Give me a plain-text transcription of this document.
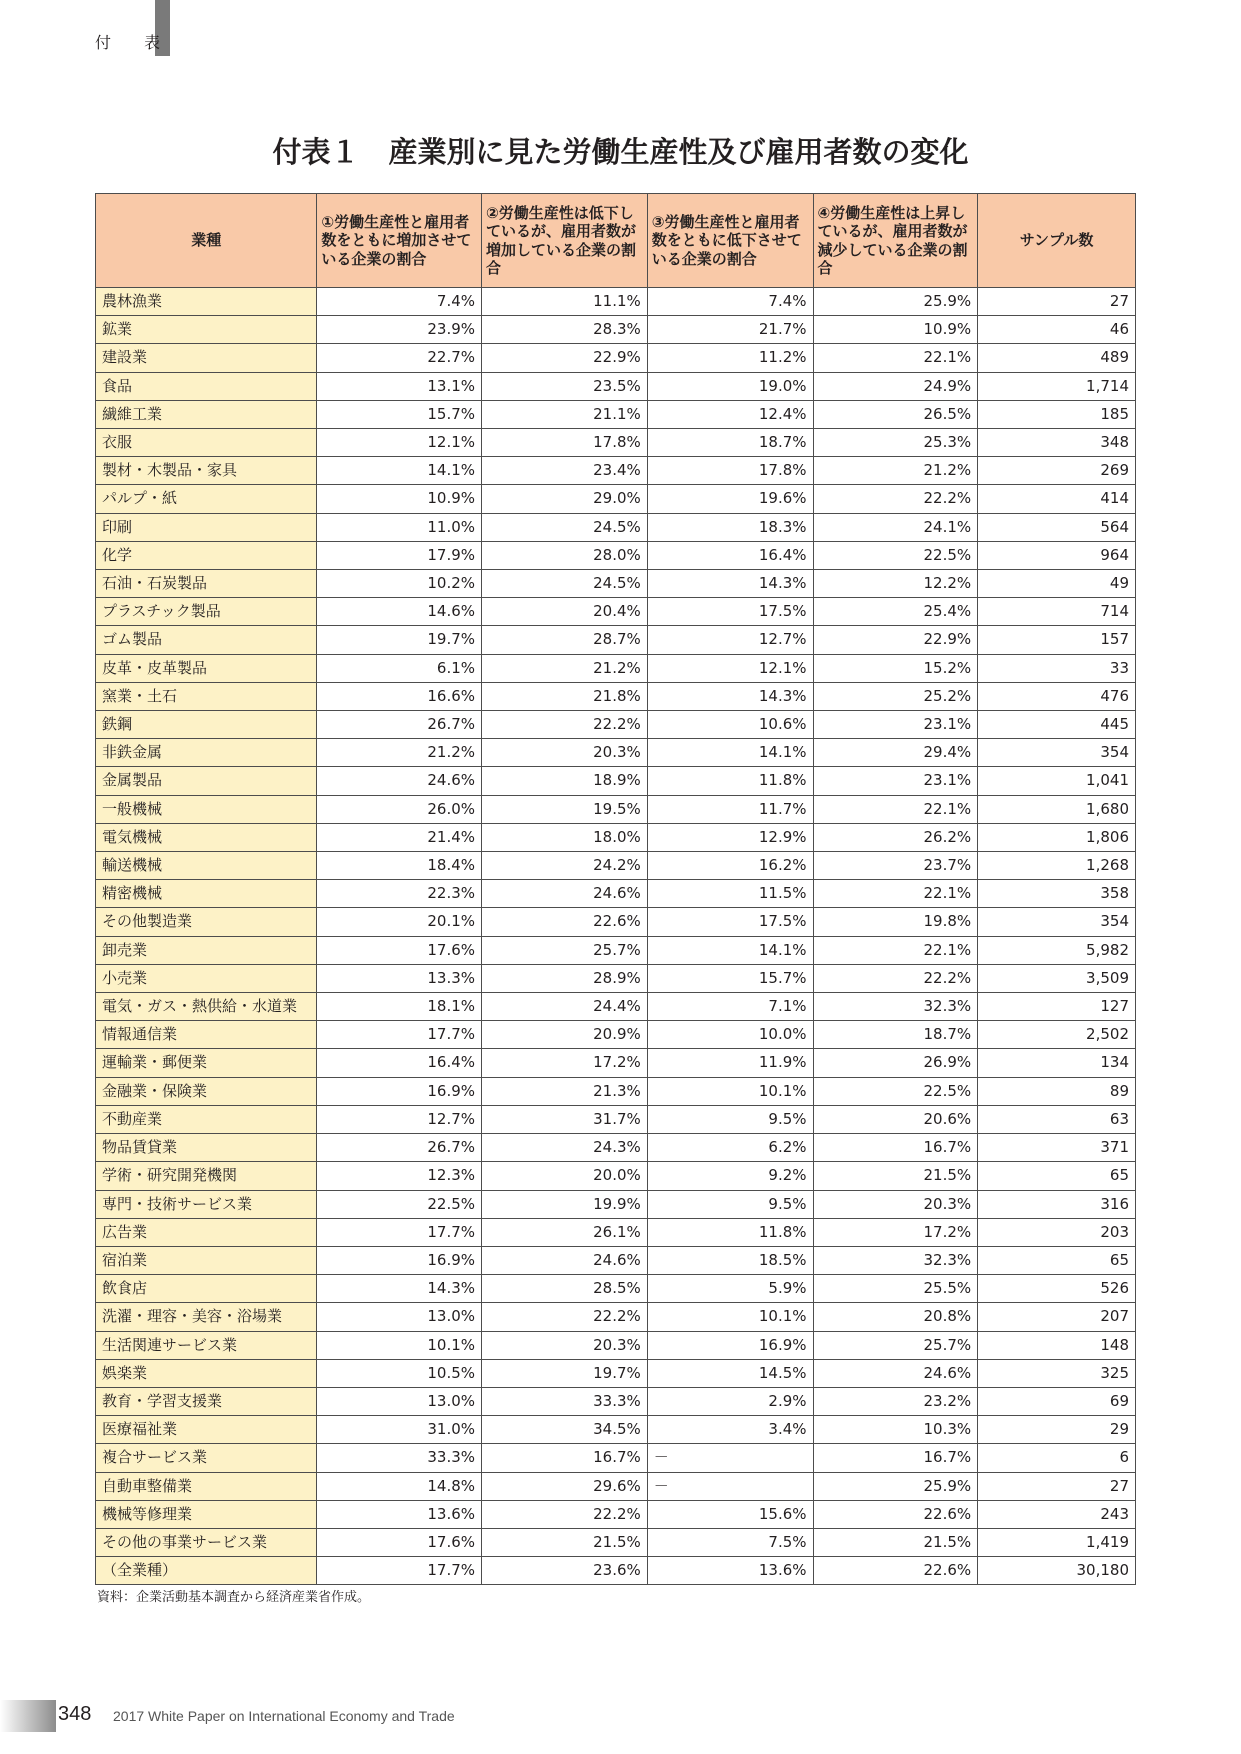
付 表
付表１　産業別に見た労働生産性及び雇用者数の変化
業種	①労働生産性と雇用者数をともに増加させている企業の割合	②労働生産性は低下しているが、雇用者数が増加している企業の割合	③労働生産性と雇用者数をともに低下させている企業の割合	④労働生産性は上昇しているが、雇用者数が減少している企業の割合	サンプル数
農林漁業	7.4%	11.1%	7.4%	25.9%	27
鉱業	23.9%	28.3%	21.7%	10.9%	46
建設業	22.7%	22.9%	11.2%	22.1%	489
食品	13.1%	23.5%	19.0%	24.9%	1,714
繊維工業	15.7%	21.1%	12.4%	26.5%	185
衣服	12.1%	17.8%	18.7%	25.3%	348
製材・木製品・家具	14.1%	23.4%	17.8%	21.2%	269
パルプ・紙	10.9%	29.0%	19.6%	22.2%	414
印刷	11.0%	24.5%	18.3%	24.1%	564
化学	17.9%	28.0%	16.4%	22.5%	964
石油・石炭製品	10.2%	24.5%	14.3%	12.2%	49
プラスチック製品	14.6%	20.4%	17.5%	25.4%	714
ゴム製品	19.7%	28.7%	12.7%	22.9%	157
皮革・皮革製品	6.1%	21.2%	12.1%	15.2%	33
窯業・土石	16.6%	21.8%	14.3%	25.2%	476
鉄鋼	26.7%	22.2%	10.6%	23.1%	445
非鉄金属	21.2%	20.3%	14.1%	29.4%	354
金属製品	24.6%	18.9%	11.8%	23.1%	1,041
一般機械	26.0%	19.5%	11.7%	22.1%	1,680
電気機械	21.4%	18.0%	12.9%	26.2%	1,806
輸送機械	18.4%	24.2%	16.2%	23.7%	1,268
精密機械	22.3%	24.6%	11.5%	22.1%	358
その他製造業	20.1%	22.6%	17.5%	19.8%	354
卸売業	17.6%	25.7%	14.1%	22.1%	5,982
小売業	13.3%	28.9%	15.7%	22.2%	3,509
電気・ガス・熱供給・水道業	18.1%	24.4%	7.1%	32.3%	127
情報通信業	17.7%	20.9%	10.0%	18.7%	2,502
運輸業・郵便業	16.4%	17.2%	11.9%	26.9%	134
金融業・保険業	16.9%	21.3%	10.1%	22.5%	89
不動産業	12.7%	31.7%	9.5%	20.6%	63
物品賃貸業	26.7%	24.3%	6.2%	16.7%	371
学術・研究開発機関	12.3%	20.0%	9.2%	21.5%	65
専門・技術サービス業	22.5%	19.9%	9.5%	20.3%	316
広告業	17.7%	26.1%	11.8%	17.2%	203
宿泊業	16.9%	24.6%	18.5%	32.3%	65
飲食店	14.3%	28.5%	5.9%	25.5%	526
洗濯・理容・美容・浴場業	13.0%	22.2%	10.1%	20.8%	207
生活関連サービス業	10.1%	20.3%	16.9%	25.7%	148
娯楽業	10.5%	19.7%	14.5%	24.6%	325
教育・学習支援業	13.0%	33.3%	2.9%	23.2%	69
医療福祉業	31.0%	34.5%	3.4%	10.3%	29
複合サービス業	33.3%	16.7%	－	16.7%	6
自動車整備業	14.8%	29.6%	－	25.9%	27
機械等修理業	13.6%	22.2%	15.6%	22.6%	243
その他の事業サービス業	17.6%	21.5%	7.5%	21.5%	1,419
（全業種）	17.7%	23.6%	13.6%	22.6%	30,180
資料：企業活動基本調査から経済産業省作成。
348 2017 White Paper on International Economy and Trade
